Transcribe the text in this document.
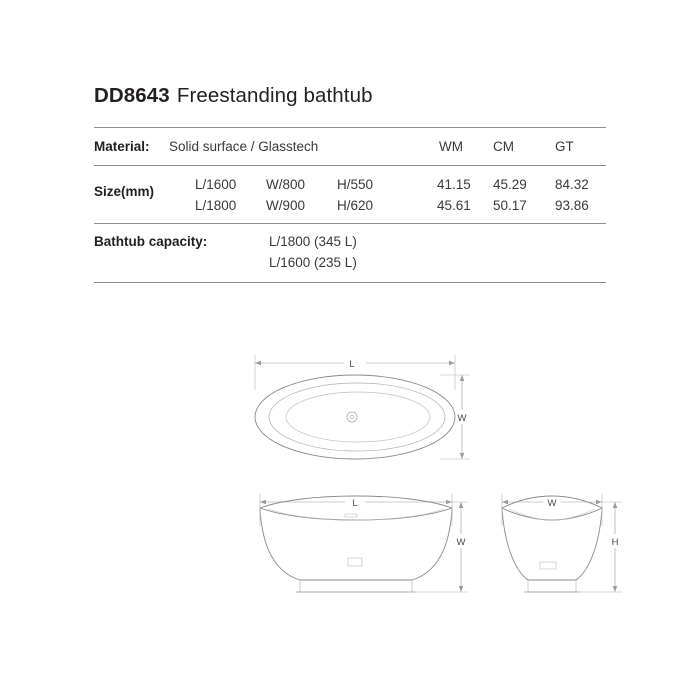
DD8643 Freestanding bathtub
Material: Solid surface / Glasstech	WM CM	GT
Size(mm)	L/1600 W/800 H/550	41.15 45.29 84.32
L/1800 W/900 H/620	45.61 50.17 93.86
Bathtub capacity:	L/1800 (345 L)
L/1600 (235 L)
L
W
L
W
W
H
